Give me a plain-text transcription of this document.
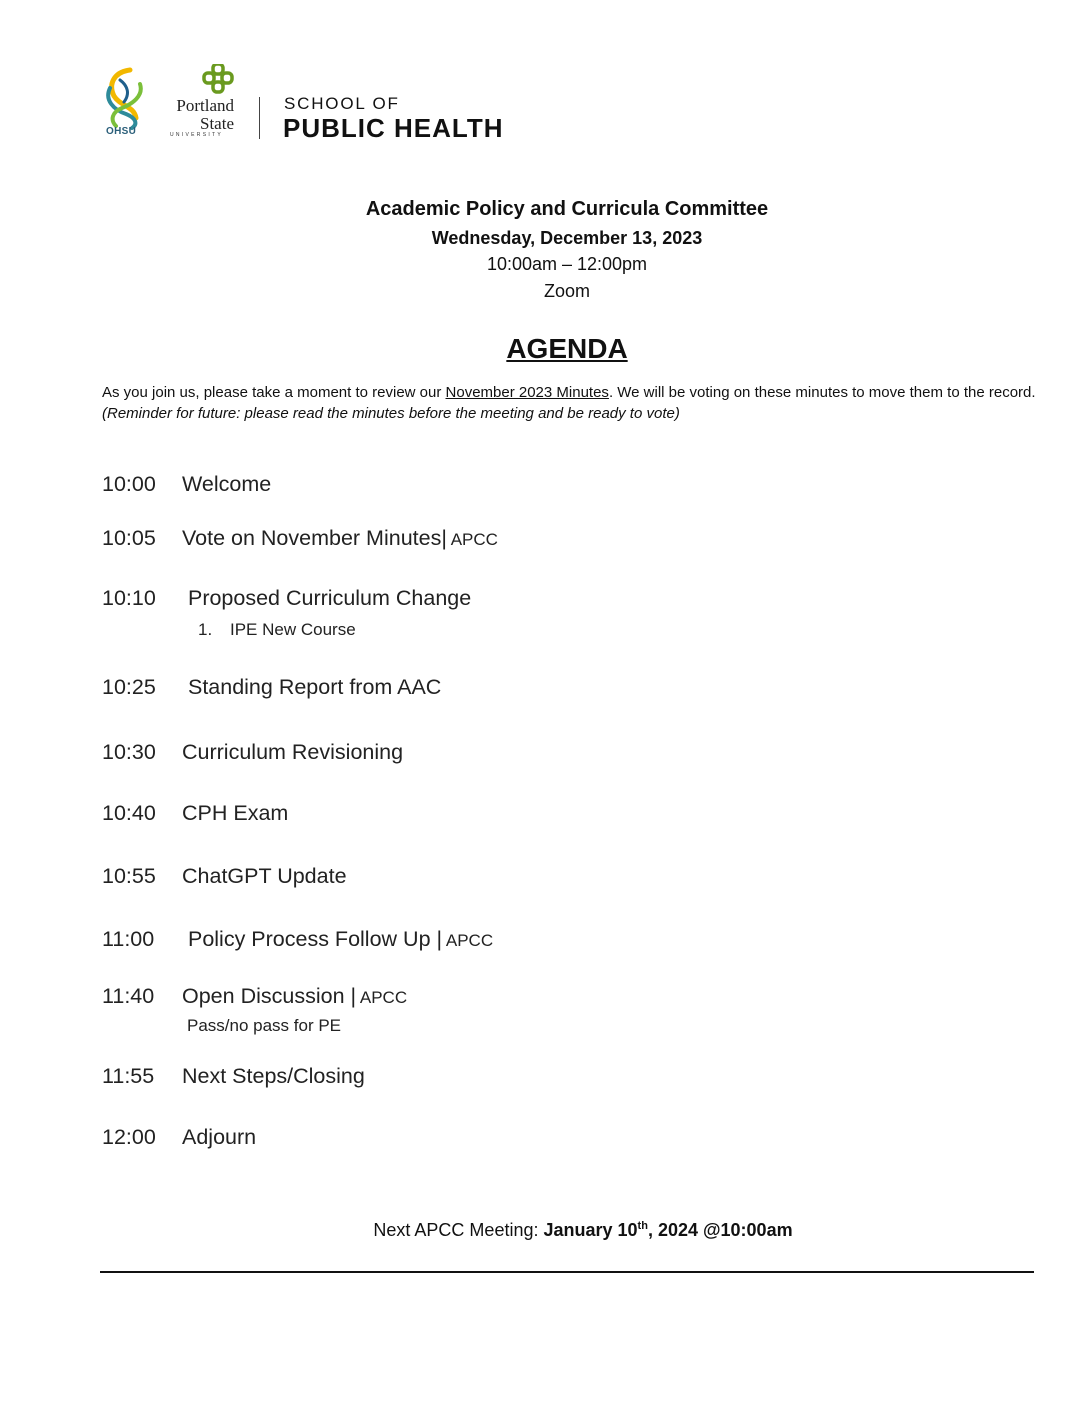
OHSU
Portland
State
UNIVERSITY
SCHOOL OF
PUBLIC HEALTH
Academic Policy and Curricula Committee
Wednesday, December 13, 2023
10:00am – 12:00pm
Zoom
AGENDA
As you join us, please take a moment to review our November 2023 Minutes. We will be voting on these minutes to move them to the record. (Reminder for future: please read the minutes before the meeting and be ready to vote)
10:00 Welcome
10:05 Vote on November Minutes| APCC
10:10 Proposed Curriculum Change
1. IPE New Course
10:25 Standing Report from AAC
10:30 Curriculum Revisioning
10:40 CPH Exam
10:55 ChatGPT Update
11:00 Policy Process Follow Up | APCC
11:40 Open Discussion | APCC
Pass/no pass for PE
11:55 Next Steps/Closing
12:00 Adjourn
Next APCC Meeting: January 10th, 2024 @10:00am
